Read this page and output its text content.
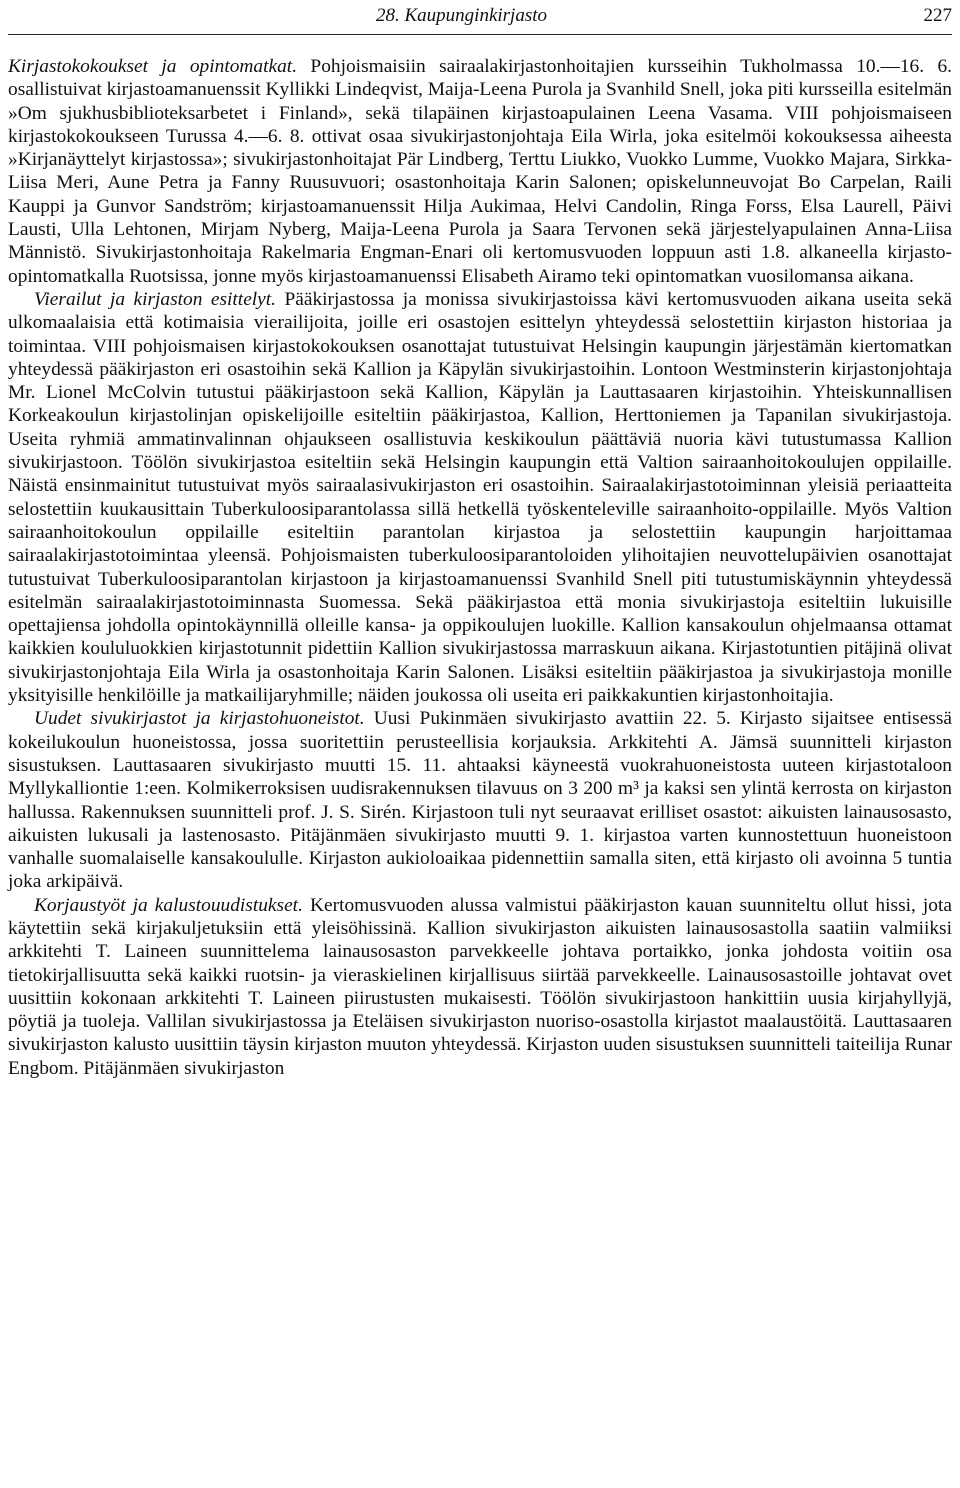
28. Kaupunginkirjasto	227

Kirjastokokoukset ja opintomatkat. Pohjoismaisiin sairaalakirjastonhoitajien kursseihin Tukholmassa 10.—16. 6. osallistuivat kirjastoamanuenssit Kyllikki Lindeqvist, Maija-Leena Purola ja Svanhild Snell, joka piti kursseilla esitelmän »Om sjukhusbiblioteksarbetet i Finland», sekä tilapäinen kirjastoapulainen Leena Vasama. VIII pohjoismaiseen kirjastokokoukseen Turussa 4.—6. 8. ottivat osaa sivukirjastonjohtaja Eila Wirla, joka esitelmöi kokouksessa aiheesta »Kirjanäyttelyt kirjastossa»; sivukirjastonhoitajat Pär Lindberg, Terttu Liukko, Vuokko Lumme, Vuokko Majara, Sirkka-Liisa Meri, Aune Petra ja Fanny Ruusuvuori; osastonhoitaja Karin Salonen; opiskelunneuvojat Bo Carpelan, Raili Kauppi ja Gunvor Sandström; kirjastoamanuenssit Hilja Aukimaa, Helvi Candolin, Ringa Forss, Elsa Laurell, Päivi Lausti, Ulla Lehtonen, Mirjam Nyberg, Maija-Leena Purola ja Saara Tervonen sekä järjestelyapulainen Anna-Liisa Männistö. Sivukirjastonhoitaja Rakelmaria Engman-Enari oli kertomusvuoden loppuun asti 1.8. alkaneella kirjasto-opintomatkalla Ruotsissa, jonne myös kirjastoamanuenssi Elisabeth Airamo teki opintomatkan vuosilomansa aikana.

Vierailut ja kirjaston esittelyt. Pääkirjastossa ja monissa sivukirjastoissa kävi kertomusvuoden aikana useita sekä ulkomaalaisia että kotimaisia vierailijoita, joille eri osastojen esittelyn yhteydessä selostettiin kirjaston historiaa ja toimintaa. VIII pohjoismaisen kirjastokokouksen osanottajat tutustuivat Helsingin kaupungin järjestämän kiertomatkan yhteydessä pääkirjaston eri osastoihin sekä Kallion ja Käpylän sivukirjastoihin. Lontoon Westminsterin kirjastonjohtaja Mr. Lionel McColvin tutustui pääkirjastoon sekä Kallion, Käpylän ja Lauttasaaren kirjastoihin. Yhteiskunnallisen Korkeakoulun kirjastolinjan opiskelijoille esiteltiin pääkirjastoa, Kallion, Herttoniemen ja Tapanilan sivukirjastoja. Useita ryhmiä ammatinvalinnan ohjaukseen osallistuvia keskikoulun päättäviä nuoria kävi tutustumassa Kallion sivukirjastoon. Töölön sivukirjastoa esiteltiin sekä Helsingin kaupungin että Valtion sairaanhoitokoulujen oppilaille. Näistä ensinmainitut tutustuivat myös sairaalasivukirjaston eri osastoihin. Sairaalakirjastotoiminnan yleisiä periaatteita selostettiin kuukausittain Tuberkuloosiparantolassa sillä hetkellä työskenteleville sairaanhoito-oppilaille. Myös Valtion sairaanhoitokoulun oppilaille esiteltiin parantolan kirjastoa ja selostettiin kaupungin harjoittamaa sairaalakirjastotoimintaa yleensä. Pohjoismaisten tuberkuloosiparantoloiden ylihoitajien neuvottelupäivien osanottajat tutustuivat Tuberkuloosiparantolan kirjastoon ja kirjastoamanuenssi Svanhild Snell piti tutustumiskäynnin yhteydessä esitelmän sairaalakirjastotoiminnasta Suomessa. Sekä pääkirjastoa että monia sivukirjastoja esiteltiin lukuisille opettajiensa johdolla opintokäynnillä olleille kansa- ja oppikoulujen luokille. Kallion kansakoulun ohjelmaansa ottamat kaikkien koululuokkien kirjastotunnit pidettiin Kallion sivukirjastossa marraskuun aikana. Kirjastotuntien pitäjinä olivat sivukirjastonjohtaja Eila Wirla ja osastonhoitaja Karin Salonen. Lisäksi esiteltiin pääkirjastoa ja sivukirjastoja monille yksityisille henkilöille ja matkailijaryhmille; näiden joukossa oli useita eri paikkakuntien kirjastonhoitajia.

Uudet sivukirjastot ja kirjastohuoneistot. Uusi Pukinmäen sivukirjasto avattiin 22. 5. Kirjasto sijaitsee entisessä kokeilukoulun huoneistossa, jossa suoritettiin perusteellisia korjauksia. Arkkitehti A. Jämsä suunnitteli kirjaston sisustuksen. Lauttasaaren sivukirjasto muutti 15. 11. ahtaaksi käyneestä vuokrahuoneistosta uuteen kirjastotaloon Myllykalliontie 1:een. Kolmikerroksisen uudisrakennuksen tilavuus on 3 200 m³ ja kaksi sen ylintä kerrosta on kirjaston hallussa. Rakennuksen suunnitteli prof. J. S. Sirén. Kirjastoon tuli nyt seuraavat erilliset osastot: aikuisten lainausosasto, aikuisten lukusali ja lastenosasto. Pitäjänmäen sivukirjasto muutti 9. 1. kirjastoa varten kunnostettuun huoneistoon vanhalle suomalaiselle kansakoululle. Kirjaston aukioloaikaa pidennettiin samalla siten, että kirjasto oli avoinna 5 tuntia joka arkipäivä.

Korjaustyöt ja kalustouudistukset. Kertomusvuoden alussa valmistui pääkirjaston kauan suunniteltu ollut hissi, jota käytettiin sekä kirjakuljetuksiin että yleisöhissinä. Kallion sivukirjaston aikuisten lainausosastolla saatiin valmiiksi arkkitehti T. Laineen suunnittelema lainausosaston parvekkeelle johtava portaikko, jonka johdosta voitiin osa tietokirjallisuutta sekä kaikki ruotsin- ja vieraskielinen kirjallisuus siirtää parvekkeelle. Lainausosastoille johtavat ovet uusittiin kokonaan arkkitehti T. Laineen piirustusten mukaisesti. Töölön sivukirjastoon hankittiin uusia kirjahyllyjä, pöytiä ja tuoleja. Vallilan sivukirjastossa ja Eteläisen sivukirjaston nuoriso-osastolla kirjastot maalaustöitä. Lauttasaaren sivukirjaston kalusto uusittiin täysin kirjaston muuton yhteydessä. Kirjaston uuden sisustuksen suunnitteli taiteilija Runar Engbom. Pitäjänmäen sivukirjaston
